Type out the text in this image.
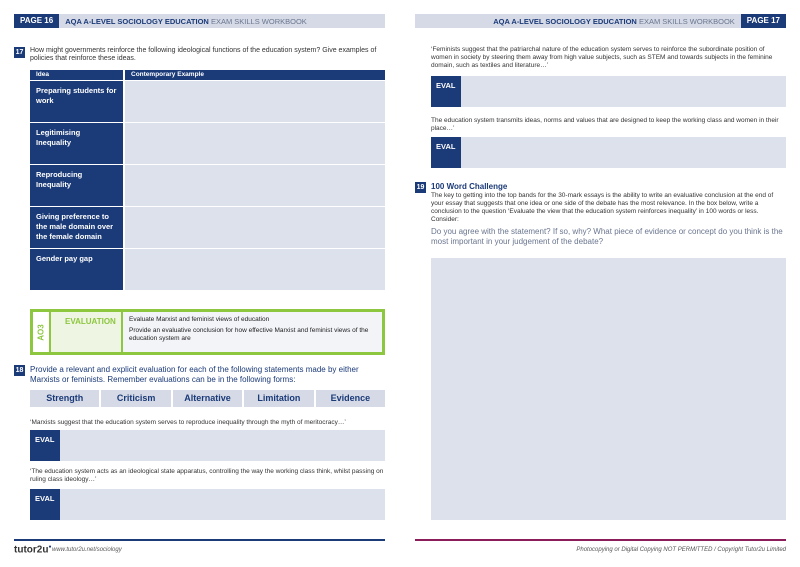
PAGE 16	AQA A-LEVEL SOCIOLOGY EDUCATION EXAM SKILLS WORKBOOK
17 How might governments reinforce the following ideological functions of the education system? Give examples of policies that reinforce these ideas.

Idea	Contemporary Example
Preparing students for work
Legitimising Inequality
Reproducing Inequality
Giving preference to the male domain over the female domain
Gender pay gap
AO3
EVALUATION	Evaluate Marxist and feminist views of education

Provide an evaluative conclusion for how effective Marxist and feminist views of the education system are

18 Provide a relevant and explicit evaluation for each of the following statements made by either Marxists or feminists. Remember evaluations can be in the following forms:

Strength	Criticism	Alternative	Limitation	Evidence

‘Marxists suggest that the education system serves to reproduce inequality through the myth of meritocracy…’

EVAL

‘The education system acts as an ideological state apparatus, controlling the way the working class think, whilst passing on ruling class ideology…’

EVAL
tutor2u● www.tutor2u.net/sociology
AQA A-LEVEL SOCIOLOGY EDUCATION EXAM SKILLS WORKBOOK	PAGE 17

‘Feminists suggest that the patriarchal nature of the education system serves to reinforce the subordinate position of women in society by steering them away from high value subjects, such as STEM and towards subjects in the feminine domain, such as textiles and literature…’

EVAL

The education system transmits ideas, norms and values that are designed to keep the working class and women in their place…’

EVAL
19 100 Word Challenge

The key to getting into the top bands for the 30-mark essays is the ability to write an evaluative conclusion at the end of your essay that suggests that one idea or one side of the debate has the most relevance. In the box below, write a conclusion to the question ‘Evaluate the view that the education system reinforces inequality’ in 100 words or less. Consider:

Do you agree with the statement? If so, why? What piece of evidence or concept do you think is the most important in your judgement of the debate?

Photocopying or Digital Copying NOT PERMITTED / Copyright Tutor2u Limited
